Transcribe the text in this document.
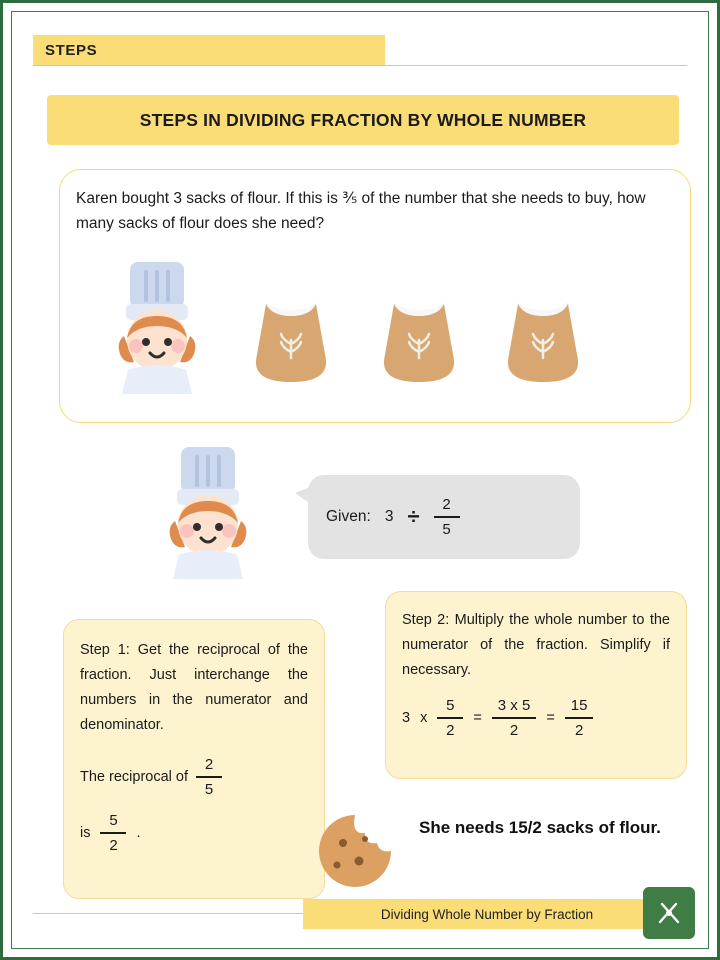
STEPS
STEPS IN DIVIDING FRACTION BY WHOLE NUMBER
Karen bought 3 sacks of flour. If this is ⅗ of the number that she needs to buy, how many sacks of flour does she need?
Given: $3 \div \frac{2}{5}$
Step 2: Multiply the whole number to the numerator of the fraction. Simplify if necessary.
3 x $\frac{5}{2} = \frac{3 x 5}{2} = \frac{15}{2}$
Step 1: Get the reciprocal of the fraction. Just interchange the numbers in the numerator and denominator.
The reciprocal of $\frac{2}{5}$
is $\frac{5}{2}$ .	She needs 15/2 sacks of flour.
Dividing Whole Number by Fraction
